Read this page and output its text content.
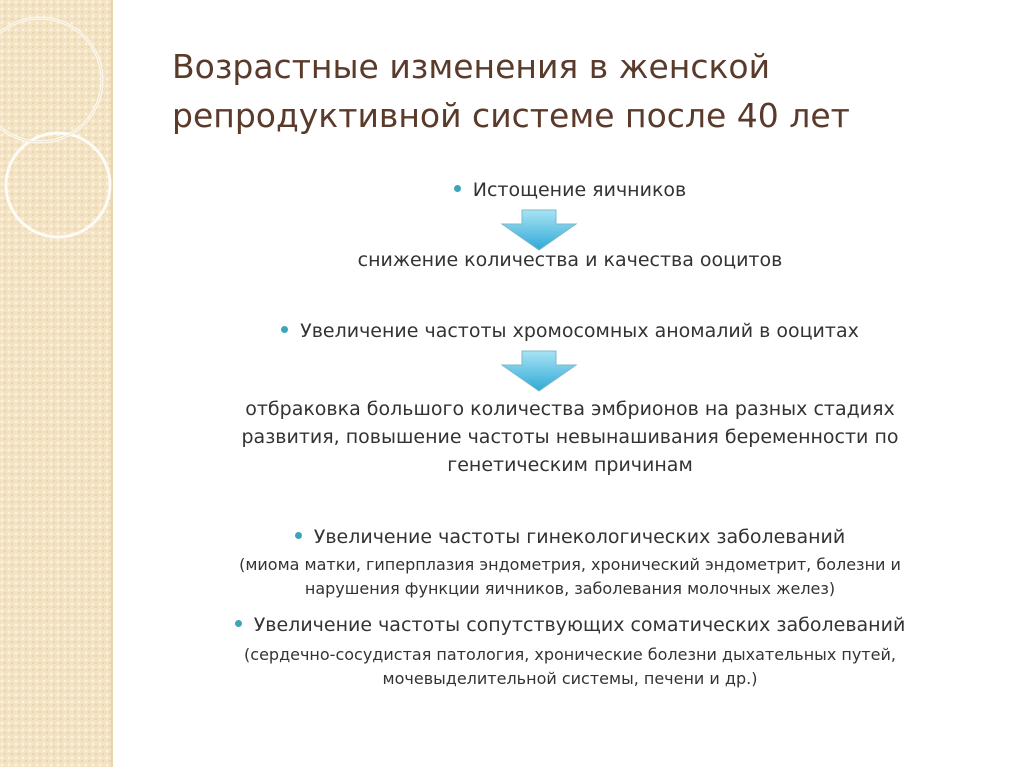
Возрастные изменения в женской
репродуктивной системе после 40 лет

Истощение яичников

снижение количества и качества ооцитов

Увеличение частоты хромосомных аномалий в ооцитах

отбраковка большого количества эмбрионов на разных стадиях

развития, повышение частоты невынашивания беременности по

генетическим причинам

Увеличение частоты гинекологических заболеваний

(миома матки, гиперплазия эндометрия, хронический эндометрит, болезни и

нарушения функции яичников, заболевания молочных желез)

Увеличение частоты сопутствующих соматических заболеваний

(сердечно-сосудистая патология, хронические болезни дыхательных путей,

мочевыделительной системы, печени и др.)
